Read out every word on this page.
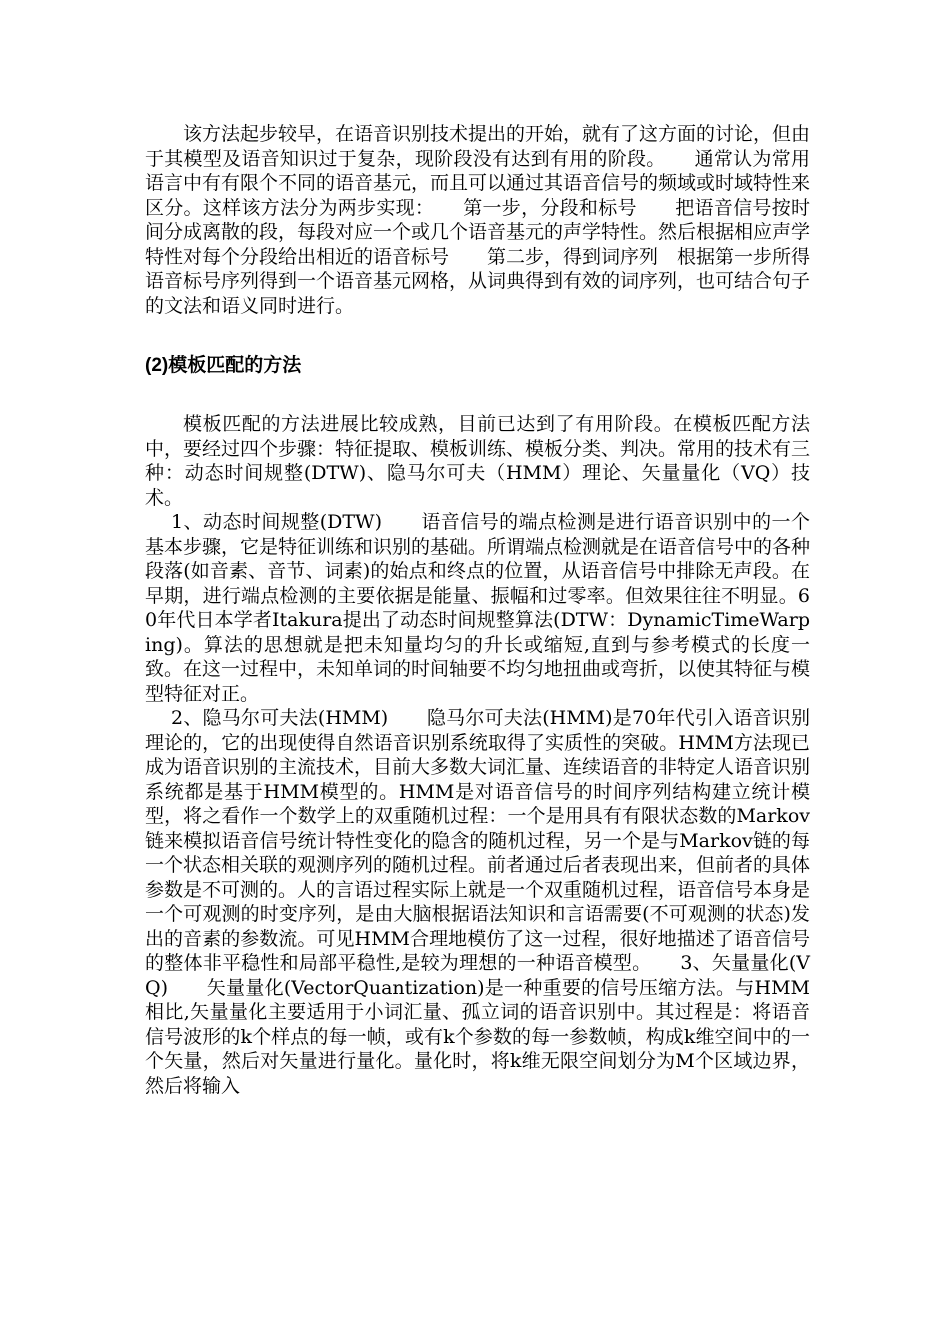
该方法起步较早，在语音识别技术提出的开始，就有了这方面的讨论，但由于其模型及语音知识过于复杂，现阶段没有达到有用的阶段。　　通常认为常用语言中有有限个不同的语音基元，而且可以通过其语音信号的频域或时域特性来区分。这样该方法分为两步实现：　　第一步，分段和标号　　把语音信号按时间分成离散的段，每段对应一个或几个语音基元的声学特性。然后根据相应声学特性对每个分段给出相近的语音标号　　第二步，得到词序列　根据第一步所得语音标号序列得到一个语音基元网格，从词典得到有效的词序列，也可结合句子的文法和语义同时进行。

(2)模板匹配的方法

模板匹配的方法进展比较成熟，目前已达到了有用阶段。在模板匹配方法中，要经过四个步骤：特征提取、模板训练、模板分类、判决。常用的技术有三种：动态时间规整(DTW)、隐马尔可夫（HMM）理论、矢量量化（VQ）技术。

1、动态时间规整(DTW)　　语音信号的端点检测是进行语音识别中的一个基本步骤，它是特征训练和识别的基础。所谓端点检测就是在语音信号中的各种段落(如音素、音节、词素)的始点和终点的位置，从语音信号中排除无声段。在早期，进行端点检测的主要依据是能量、振幅和过零率。但效果往往不明显。60年代日本学者Itakura提出了动态时间规整算法(DTW：DynamicTimeWarping)。算法的思想就是把未知量均匀的升长或缩短,直到与参考模式的长度一致。在这一过程中，未知单词的时间轴要不均匀地扭曲或弯折，以使其特征与模型特征对正。

2、隐马尔可夫法(HMM)　　隐马尔可夫法(HMM)是70年代引入语音识别理论的，它的出现使得自然语音识别系统取得了实质性的突破。HMM方法现已成为语音识别的主流技术，目前大多数大词汇量、连续语音的非特定人语音识别系统都是基于HMM模型的。HMM是对语音信号的时间序列结构建立统计模型，将之看作一个数学上的双重随机过程：一个是用具有有限状态数的Markov链来模拟语音信号统计特性变化的隐含的随机过程，另一个是与Markov链的每一个状态相关联的观测序列的随机过程。前者通过后者表现出来，但前者的具体参数是不可测的。人的言语过程实际上就是一个双重随机过程，语音信号本身是一个可观测的时变序列，是由大脑根据语法知识和言语需要(不可观测的状态)发出的音素的参数流。可见HMM合理地模仿了这一过程，很好地描述了语音信号的整体非平稳性和局部平稳性,是较为理想的一种语音模型。　　3、矢量量化(VQ)　　矢量量化(VectorQuantization)是一种重要的信号压缩方法。与HMM相比,矢量量化主要适用于小词汇量、孤立词的语音识别中。其过程是：将语音信号波形的k个样点的每一帧，或有k个参数的每一参数帧，构成k维空间中的一个矢量，然后对矢量进行量化。量化时，将k维无限空间划分为M个区域边界，然后将输入
